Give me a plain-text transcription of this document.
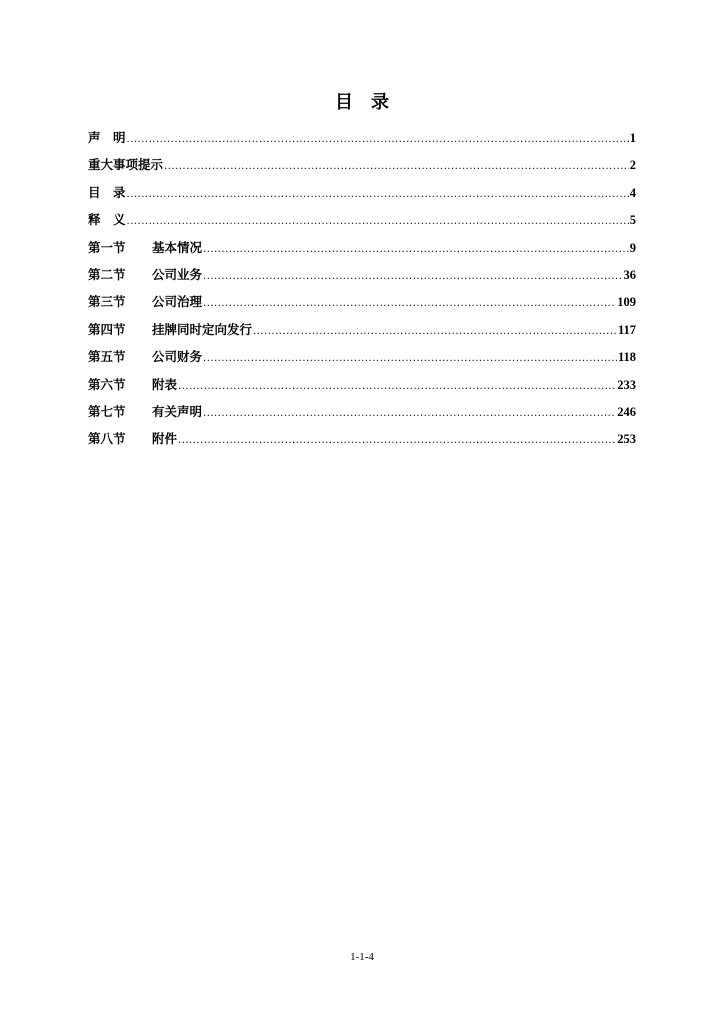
目 录
声　明 .....	1
重大事项提示 .....	2
目　录 .....	4
释　义 .....	5
第一节	基本情况 .....	9
第二节	公司业务 .....	36
第三节	公司治理 .....	109
第四节	挂牌同时定向发行 .....	117
第五节	公司财务 .....	118
第六节	附表 .....	233
第七节	有关声明 .....	246
第八节	附件 .....	253
1-1-4
